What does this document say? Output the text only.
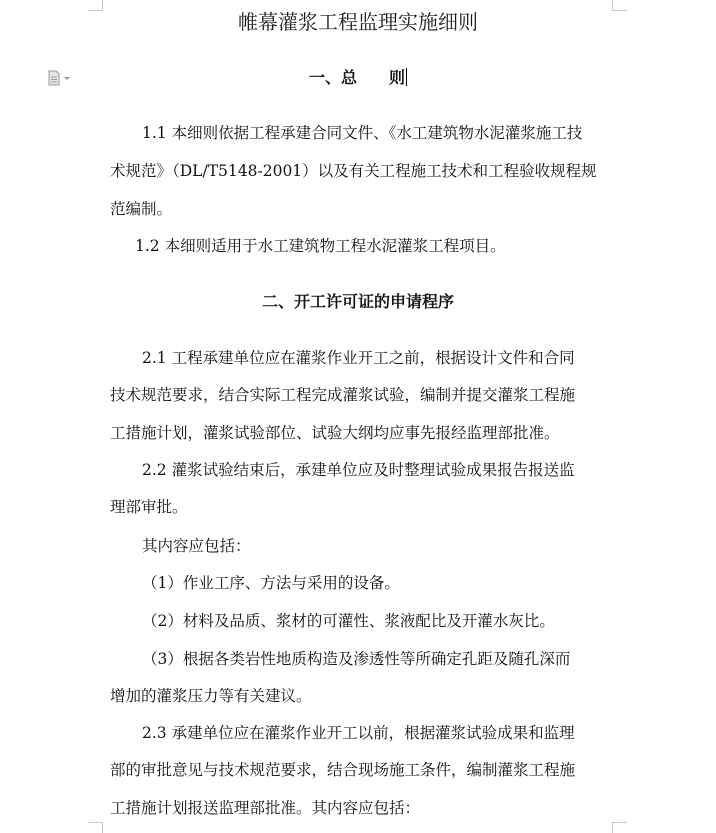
帷幕灌浆工程监理实施细则
一、总　　则
1.1 本细则依据工程承建合同文件、《水工建筑物水泥灌浆施工技
术规范》（DL/T5148-2001）以及有关工程施工技术和工程验收规程规
范编制。
1.2 本细则适用于水工建筑物工程水泥灌浆工程项目。
二、开工许可证的申请程序
2.1 工程承建单位应在灌浆作业开工之前，根据设计文件和合同
技术规范要求，结合实际工程完成灌浆试验，编制并提交灌浆工程施
工措施计划，灌浆试验部位、试验大纲均应事先报经监理部批准。
2.2 灌浆试验结束后，承建单位应及时整理试验成果报告报送监
理部审批。
其内容应包括：
（1）作业工序、方法与采用的设备。
（2）材料及品质、浆材的可灌性、浆液配比及开灌水灰比。
（3）根据各类岩性地质构造及渗透性等所确定孔距及随孔深而
增加的灌浆压力等有关建议。
2.3 承建单位应在灌浆作业开工以前，根据灌浆试验成果和监理
部的审批意见与技术规范要求，结合现场施工条件，编制灌浆工程施
工措施计划报送监理部批准。其内容应包括：
